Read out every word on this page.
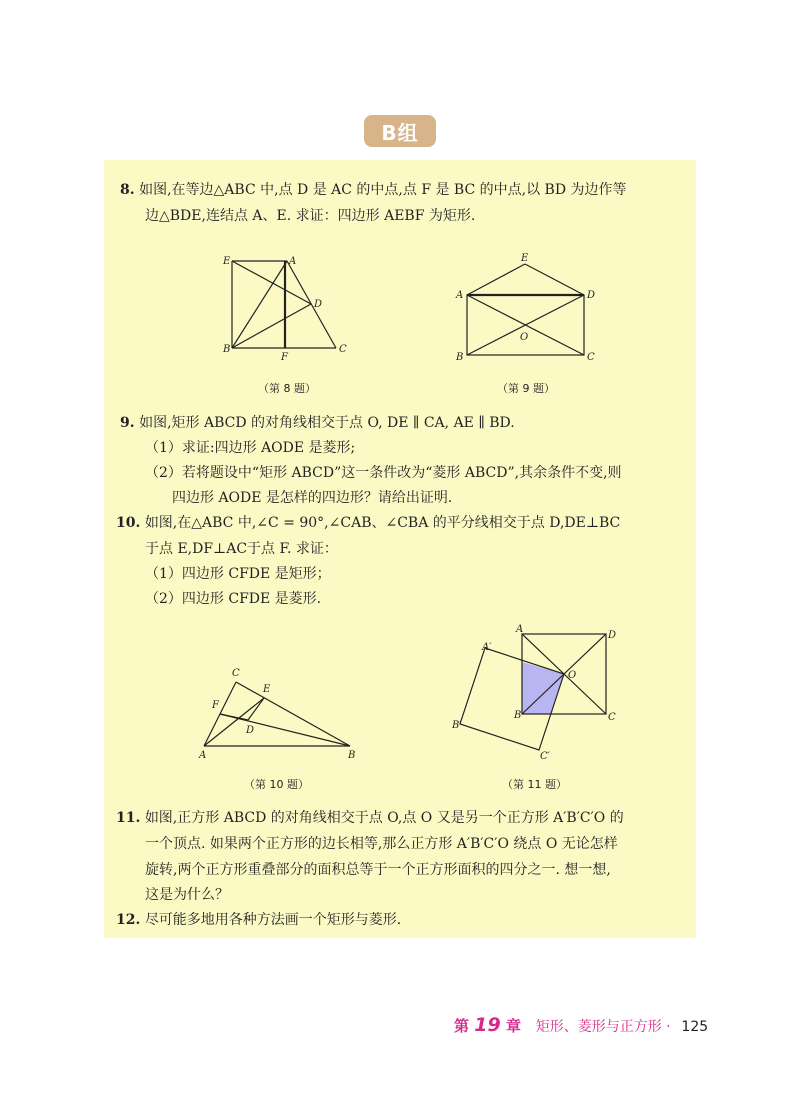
B组
8. 如图,在等边△ABC 中,点 D 是 AC 的中点,点 F 是 BC 的中点,以 BD 为边作等
边△BDE,连结点 A、E. 求证：四边形 AEBF 为矩形.
E	A
D
B
F
C
（第 8 题）
E
A	D
O
B	C
（第 9 题）
9. 如图,矩形 ABCD 的对角线相交于点 O, DE ∥ CA, AE ∥ BD.
（1）求证:四边形 AODE 是菱形;
（2）若将题设中“矩形 ABCD”这一条件改为“菱形 ABCD”,其余条件不变,则
四边形 AODE 是怎样的四边形？请给出证明.
10. 如图,在△ABC 中,∠C = 90°,∠CAB、∠CBA 的平分线相交于点 D,DE⊥BC
于点 E,DF⊥AC于点 F. 求证：
（1）四边形 CFDE 是矩形；
（2）四边形 CFDE 是菱形.
C
E
F
D
A	B
（第 10 题）
A
D
A′
O
B	C
B′
C′
（第 11 题）
11. 如图,正方形 ABCD 的对角线相交于点 O,点 O 又是另一个正方形 A′B′C′O 的
一个顶点. 如果两个正方形的边长相等,那么正方形 A′B′C′O 绕点 O 无论怎样
旋转,两个正方形重叠部分的面积总等于一个正方形面积的四分之一. 想一想,
这是为什么？
12. 尽可能多地用各种方法画一个矩形与菱形.
第 19 章 矩形、菱形与正方形 · 125
